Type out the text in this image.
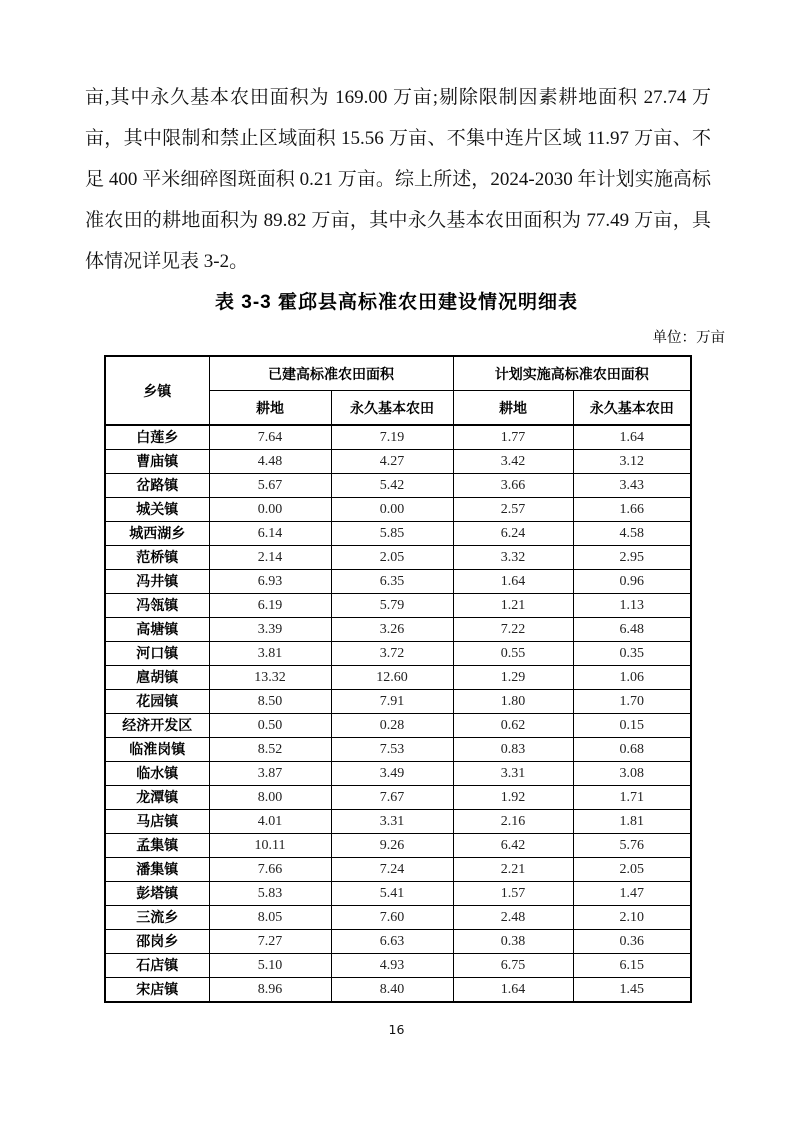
亩,其中永久基本农田面积为 169.00 万亩;剔除限制因素耕地面积 27.74 万亩，其中限制和禁止区域面积 15.56 万亩、不集中连片区域 11.97 万亩、不足 400 平米细碎图斑面积 0.21 万亩。综上所述，2024-2030 年计划实施高标准农田的耕地面积为 89.82 万亩，其中永久基本农田面积为 77.49 万亩，具体情况详见表 3-2。

表 3-3 霍邱县高标准农田建设情况明细表
单位：万亩
乡镇	已建高标准农田面积		计划实施高标准农田面积	
	耕地	永久基本农田	耕地	永久基本农田
白莲乡	7.64	7.19	1.77	1.64
曹庙镇	4.48	4.27	3.42	3.12
岔路镇	5.67	5.42	3.66	3.43
城关镇	0.00	0.00	2.57	1.66
城西湖乡	6.14	5.85	6.24	4.58
范桥镇	2.14	2.05	3.32	2.95
冯井镇	6.93	6.35	1.64	0.96
冯瓴镇	6.19	5.79	1.21	1.13
高塘镇	3.39	3.26	7.22	6.48
河口镇	3.81	3.72	0.55	0.35
扈胡镇	13.32	12.60	1.29	1.06
花园镇	8.50	7.91	1.80	1.70
经济开发区	0.50	0.28	0.62	0.15
临淮岗镇	8.52	7.53	0.83	0.68
临水镇	3.87	3.49	3.31	3.08
龙潭镇	8.00	7.67	1.92	1.71
马店镇	4.01	3.31	2.16	1.81
孟集镇	10.11	9.26	6.42	5.76
潘集镇	7.66	7.24	2.21	2.05
彭塔镇	5.83	5.41	1.57	1.47
三流乡	8.05	7.60	2.48	2.10
邵岗乡	7.27	6.63	0.38	0.36
石店镇	5.10	4.93	6.75	6.15
宋店镇	8.96	8.40	1.64	1.45
16
